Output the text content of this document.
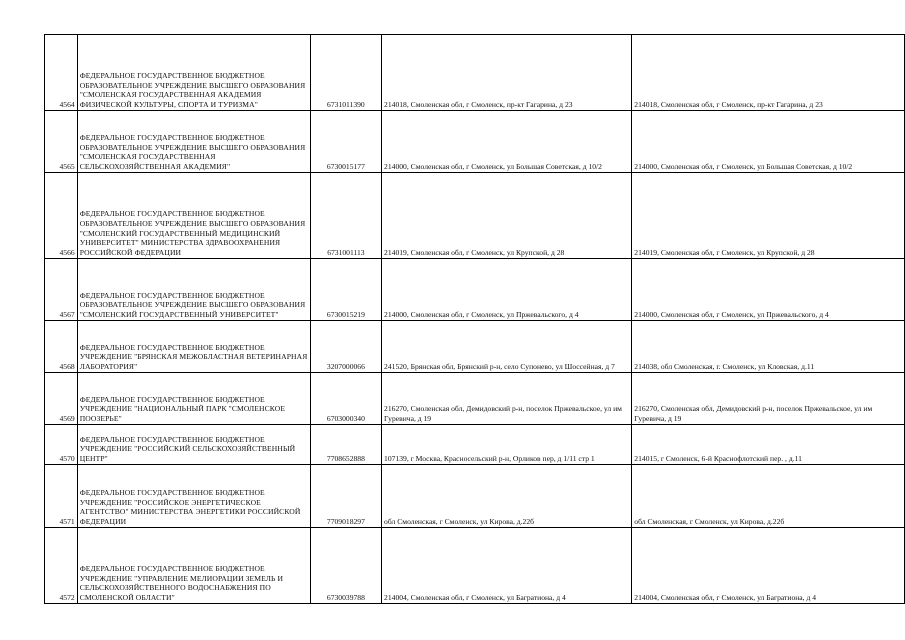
4564	ФЕДЕРАЛЬНОЕ ГОСУДАРСТВЕННОЕ БЮДЖЕТНОЕ ОБРАЗОВАТЕЛЬНОЕ УЧРЕЖДЕНИЕ ВЫСШЕГО ОБРАЗОВАНИЯ "СМОЛЕНСКАЯ ГОСУДАРСТВЕННАЯ АКАДЕМИЯ ФИЗИЧЕСКОЙ КУЛЬТУРЫ, СПОРТА И ТУРИЗМА"	6731011390	214018, Смоленская обл, г Смоленск, пр-кт Гагарина, д 23	214018, Смоленская обл, г Смоленск, пр-кт Гагарина, д 23
4565	ФЕДЕРАЛЬНОЕ ГОСУДАРСТВЕННОЕ БЮДЖЕТНОЕ ОБРАЗОВАТЕЛЬНОЕ УЧРЕЖДЕНИЕ ВЫСШЕГО ОБРАЗОВАНИЯ "СМОЛЕНСКАЯ ГОСУДАРСТВЕННАЯ СЕЛЬСКОХОЗЯЙСТВЕННАЯ АКАДЕМИЯ"	6730015177	214000, Смоленская обл, г Смоленск, ул Большая Советская, д 10/2	214000, Смоленская обл, г Смоленск, ул Большая Советская, д 10/2
4566	ФЕДЕРАЛЬНОЕ ГОСУДАРСТВЕННОЕ БЮДЖЕТНОЕ ОБРАЗОВАТЕЛЬНОЕ УЧРЕЖДЕНИЕ ВЫСШЕГО ОБРАЗОВАНИЯ "СМОЛЕНСКИЙ ГОСУДАРСТВЕННЫЙ МЕДИЦИНСКИЙ УНИВЕРСИТЕТ" МИНИСТЕРСТВА ЗДРАВООХРАНЕНИЯ РОССИЙСКОЙ ФЕДЕРАЦИИ	6731001113	214019, Смоленская обл, г Смоленск, ул Крупской, д 28	214019, Смоленская обл, г Смоленск, ул Крупской, д 28
4567	ФЕДЕРАЛЬНОЕ ГОСУДАРСТВЕННОЕ БЮДЖЕТНОЕ ОБРАЗОВАТЕЛЬНОЕ УЧРЕЖДЕНИЕ ВЫСШЕГО ОБРАЗОВАНИЯ "СМОЛЕНСКИЙ ГОСУДАРСТВЕННЫЙ УНИВЕРСИТЕТ"	6730015219	214000, Смоленская обл, г Смоленск, ул Пржевальского, д 4	214000, Смоленская обл, г Смоленск, ул Пржевальского, д 4
4568	ФЕДЕРАЛЬНОЕ ГОСУДАРСТВЕННОЕ БЮДЖЕТНОЕ УЧРЕЖДЕНИЕ "БРЯНСКАЯ МЕЖОБЛАСТНАЯ ВЕТЕРИНАРНАЯ ЛАБОРАТОРИЯ"	3207000066	241520, Брянская обл, Брянский р-н, село Супонево, ул Шоссейная, д 7	214038, обл Смоленская, г. Смоленск, ул Кловская, д.11
4569	ФЕДЕРАЛЬНОЕ ГОСУДАРСТВЕННОЕ БЮДЖЕТНОЕ УЧРЕЖДЕНИЕ "НАЦИОНАЛЬНЫЙ ПАРК "СМОЛЕНСКОЕ ПООЗЕРЬЕ"	6703000340	216270, Смоленская обл, Демидовский р-н, поселок Пржевальское, ул им Гуревича, д 19	216270, Смоленская обл, Демидовский р-н, поселок Пржевальское, ул им Гуревича, д 19
4570	ФЕДЕРАЛЬНОЕ ГОСУДАРСТВЕННОЕ БЮДЖЕТНОЕ УЧРЕЖДЕНИЕ "РОССИЙСКИЙ СЕЛЬСКОХОЗЯЙСТВЕННЫЙ ЦЕНТР"	7708652888	107139, г Москва, Красносельский р-н, Орликов пер, д 1/11 стр 1	214015, г Смоленск, 6-й Краснофлотский пер. , д.11
4571	ФЕДЕРАЛЬНОЕ ГОСУДАРСТВЕННОЕ БЮДЖЕТНОЕ УЧРЕЖДЕНИЕ "РОССИЙСКОЕ ЭНЕРГЕТИЧЕСКОЕ АГЕНТСТВО" МИНИСТЕРСТВА ЭНЕРГЕТИКИ РОССИЙСКОЙ ФЕДЕРАЦИИ	7709018297	обл Смоленская, г Смоленск, ул Кирова, д.22б	обл Смоленская, г Смоленск, ул Кирова, д.22б
4572	ФЕДЕРАЛЬНОЕ ГОСУДАРСТВЕННОЕ БЮДЖЕТНОЕ УЧРЕЖДЕНИЕ "УПРАВЛЕНИЕ МЕЛИОРАЦИИ ЗЕМЕЛЬ И СЕЛЬСКОХОЗЯЙСТВЕННОГО ВОДОСНАБЖЕНИЯ ПО СМОЛЕНСКОЙ ОБЛАСТИ"	6730039788	214004, Смоленская обл, г Смоленск, ул Багратиона, д 4	214004, Смоленская обл, г Смоленск, ул Багратиона, д 4
